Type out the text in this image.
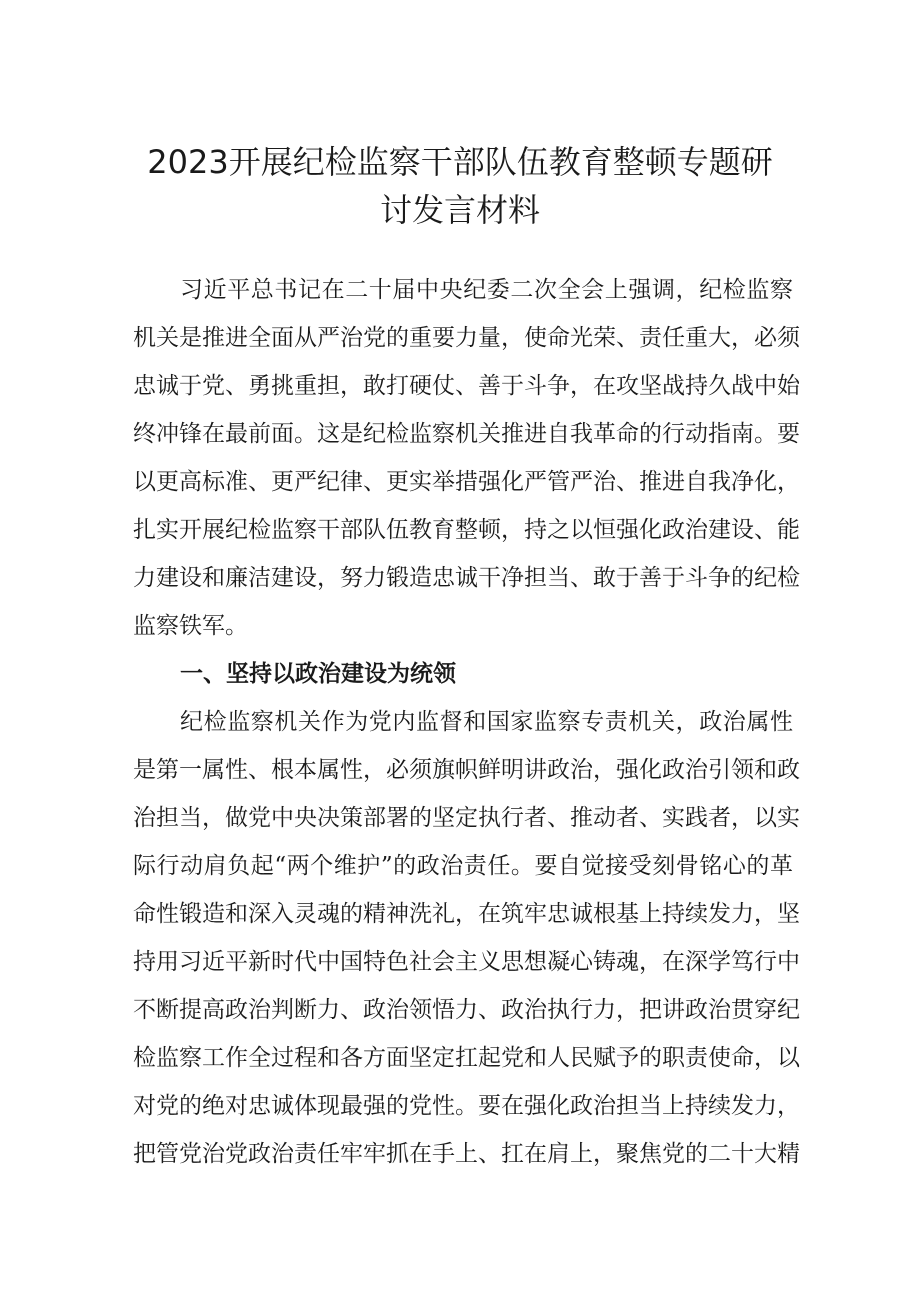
2023开展纪检监察干部队伍教育整顿专题研
讨发言材料
习近平总书记在二十届中央纪委二次全会上强调，纪检监察
机关是推进全面从严治党的重要力量，使命光荣、责任重大，必须
忠诚于党、勇挑重担，敢打硬仗、善于斗争，在攻坚战持久战中始
终冲锋在最前面。这是纪检监察机关推进自我革命的行动指南。要
以更高标准、更严纪律、更实举措强化严管严治、推进自我净化，
扎实开展纪检监察干部队伍教育整顿，持之以恒强化政治建设、能
力建设和廉洁建设，努力锻造忠诚干净担当、敢于善于斗争的纪检
监察铁军。
一、坚持以政治建设为统领
纪检监察机关作为党内监督和国家监察专责机关，政治属性
是第一属性、根本属性，必须旗帜鲜明讲政治，强化政治引领和政
治担当，做党中央决策部署的坚定执行者、推动者、实践者，以实
际行动肩负起“两个维护”的政治责任。要自觉接受刻骨铭心的革
命性锻造和深入灵魂的精神洗礼，在筑牢忠诚根基上持续发力，坚
持用习近平新时代中国特色社会主义思想凝心铸魂，在深学笃行中
不断提高政治判断力、政治领悟力、政治执行力，把讲政治贯穿纪
检监察工作全过程和各方面坚定扛起党和人民赋予的职责使命，以
对党的绝对忠诚体现最强的党性。要在强化政治担当上持续发力，
把管党治党政治责任牢牢抓在手上、扛在肩上，聚焦党的二十大精
